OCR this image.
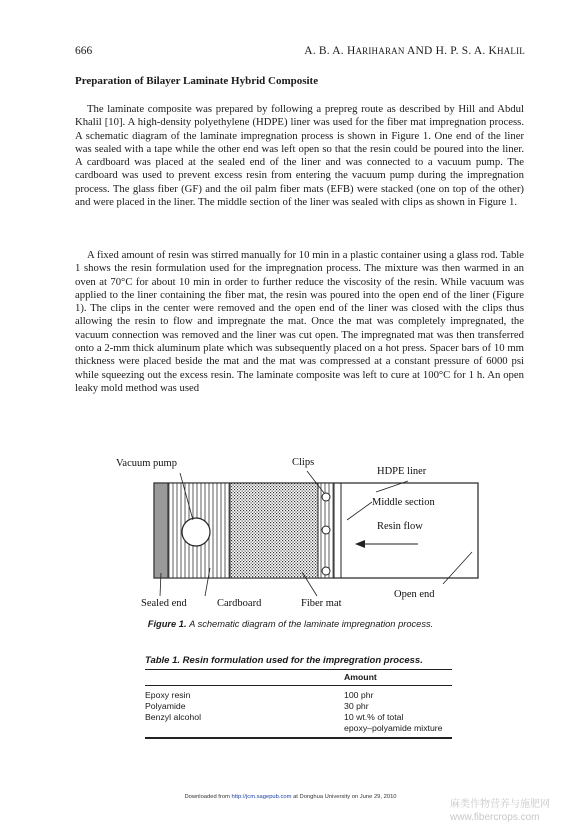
666	A. B. A. HARIHARAN AND H. P. S. A. KHALIL
Preparation of Bilayer Laminate Hybrid Composite

The laminate composite was prepared by following a prepreg route as described by Hill and Abdul Khalil [10]. A high-density polyethylene (HDPE) liner was used for the fiber mat impregnation process. A schematic diagram of the laminate impregnation process is shown in Figure 1. One end of the liner was sealed with a tape while the other end was left open so that the resin could be poured into the liner. A cardboard was placed at the sealed end of the liner and was connected to a vacuum pump. The cardboard was used to prevent excess resin from entering the vacuum pump during the impregnation process. The glass fiber (GF) and the oil palm fiber mats (EFB) were stacked (one on top of the other) and were placed in the liner. The middle section of the liner was sealed with clips as shown in Figure 1.

A fixed amount of resin was stirred manually for 10 min in a plastic container using a glass rod. Table 1 shows the resin formulation used for the impregnation process. The mixture was then warmed in an oven at 70°C for about 10 min in order to further reduce the viscosity of the resin. While vacuum was applied to the liner containing the fiber mat, the resin was poured into the open end of the liner (Figure 1). The clips in the center were removed and the open end of the liner was closed with the clips thus allowing the resin to flow and impregnate the mat. Once the mat was completely impregnated, the vacuum connection was removed and the liner was cut open. The impregnated mat was then transferred onto a 2-mm thick aluminum plate which was subsequently placed on a hot press. Spacer bars of 10 mm thickness were placed beside the mat and the mat was compressed at a constant pressure of 6000 psi while squeezing out the excess resin. The laminate composite was left to cure at 100°C for 1 h. An open leaky mold method was used

Vacuum pump	Clips
HDPE liner
Middle section
Resin flow
Open end
Sealed end	Cardboard	Fiber mat
Figure 1. A schematic diagram of the laminate impregnation process.
Table 1. Resin formulation used for the impregration process.
Amount
Epoxy resin	100 phr
Polyamide	30 phr
Benzyl alcohol	10 wt.% of total
epoxy–polyamide mixture
Downloaded from http://jcm.sagepub.com at Donghua University on June 29, 2010
麻类作物营养与施肥网
www.fibercrops.com
